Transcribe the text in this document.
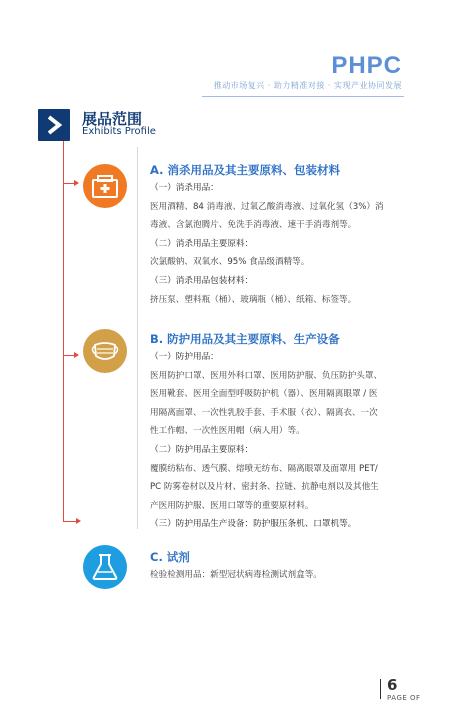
PHPC
推动市场复兴 · 助力精准对接 · 实现产业协同发展
展品范围
Exhibits Profile
A. 消杀用品及其主要原料、包装材料
（一）消杀用品：
医用酒精、84 消毒液、过氧乙酸消毒液、过氧化氢（3%）消
毒液、含氯泡腾片、免洗手消毒液、速干手消毒剂等。
（二）消杀用品主要原料：
次氯酸钠、双氧水、95% 食品级酒精等。
（三）消杀用品包装材料：
挤压泵、塑料瓶（桶）、玻璃瓶（桶）、纸箱、标签等。
B. 防护用品及其主要原料、生产设备
（一）防护用品：
医用防护口罩、医用外科口罩、医用防护服、负压防护头罩、
医用靴套、医用全面型呼吸防护机（器）、医用隔离眼罩 / 医
用隔离面罩、一次性乳胶手套、手术服（衣）、隔离衣、一次
性工作帽、一次性医用帽（病人用）等。
（二）防护用品主要原料：
覆膜纺粘布、透气膜、熔喷无纺布、隔离眼罩及面罩用 PET/
PC 防雾卷材以及片材、密封条、拉链、抗静电剂以及其他生
产医用防护服、医用口罩等的重要原材料。
（三）防护用品生产设备：防护服压条机、口罩机等。
C. 试剂
检验检测用品：新型冠状病毒检测试剂盒等。
6
PAGE OF
